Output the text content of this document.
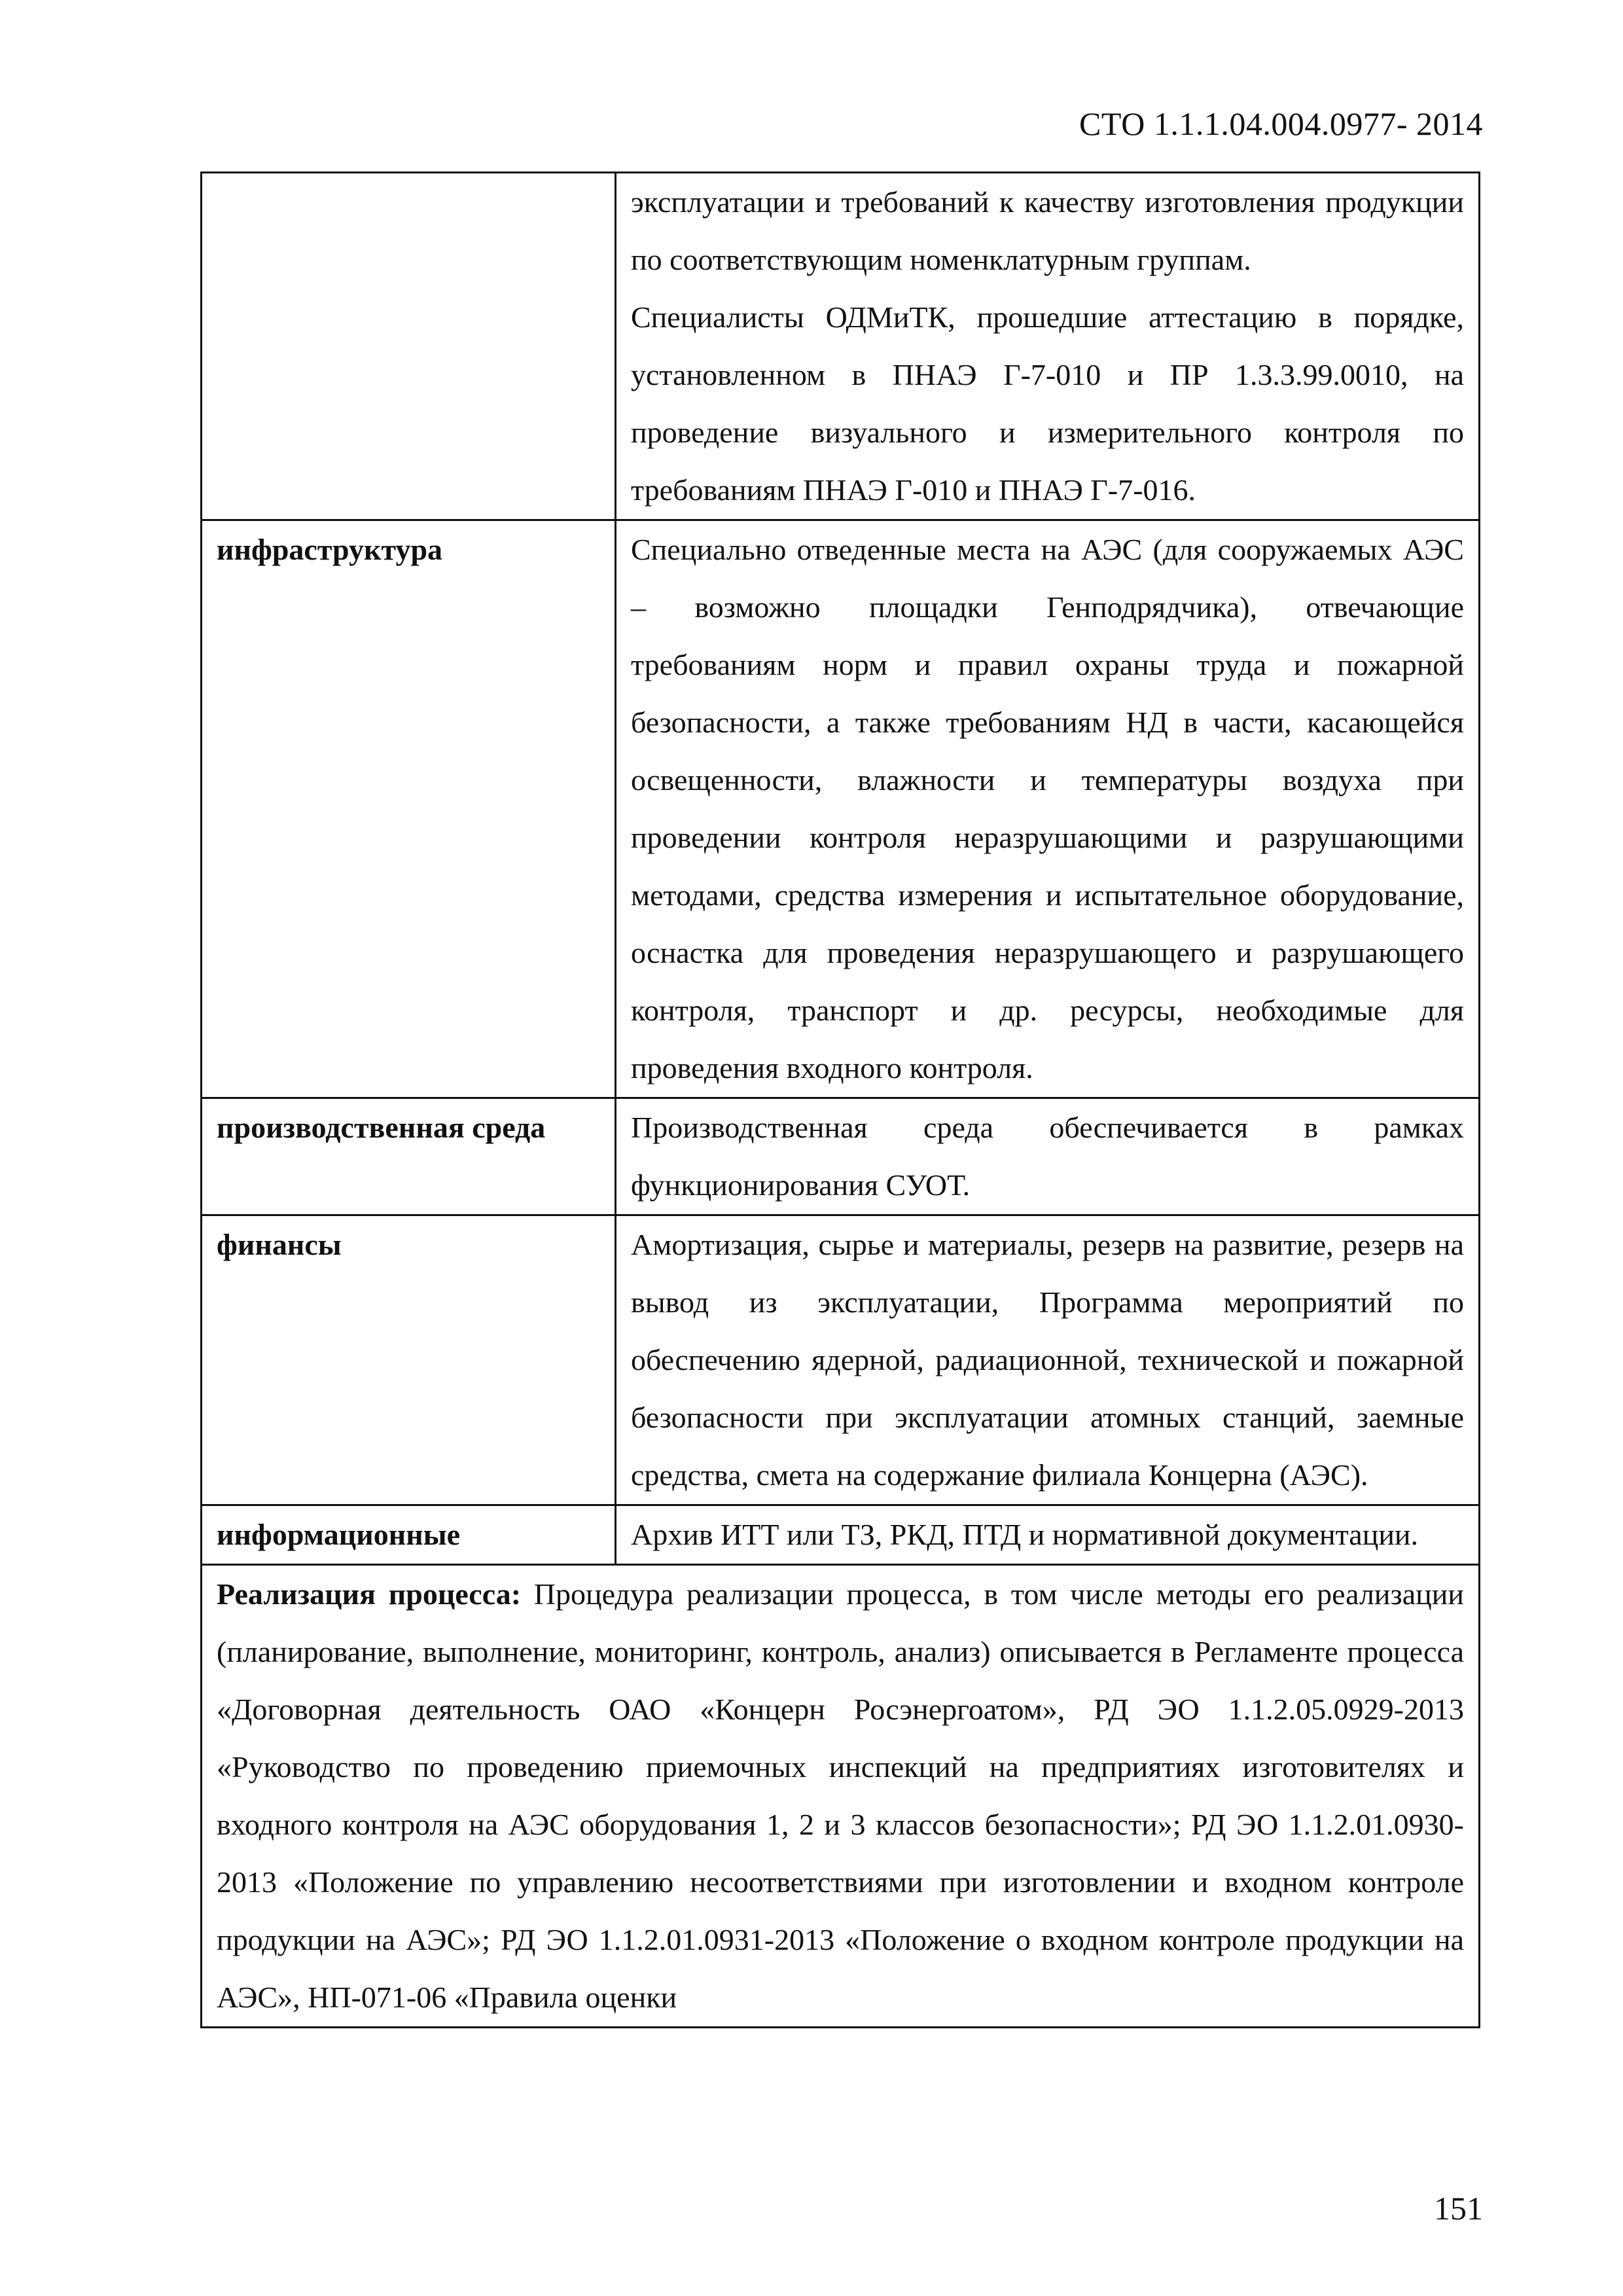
СТО 1.1.1.04.004.0977- 2014

	эксплуатации и требований к качеству изготовления продукции по соответствующим номенклатурным группам.
Специалисты ОДМиТК, прошедшие аттестацию в порядке, установленном в ПНАЭ Г-7-010 и ПР 1.3.3.99.0010, на проведение визуального и измерительного контроля по требованиям ПНАЭ Г-010 и ПНАЭ Г-7-016.

инфраструктура	Специально отведенные места на АЭС (для сооружаемых АЭС – возможно площадки Генподрядчика), отвечающие требованиям норм и правил охраны труда и пожарной безопасности, а также требованиям НД в части, касающейся освещенности, влажности и температуры воздуха при проведении контроля неразрушающими и разрушающими методами, средства измерения и испытательное оборудование, оснастка для проведения неразрушающего и разрушающего контроля, транспорт и др. ресурсы, необходимые для проведения входного контроля.

производственная среда	Производственная среда обеспечивается в рамках функционирования СУОТ.

финансы	Амортизация, сырье и материалы, резерв на развитие, резерв на вывод из эксплуатации, Программа мероприятий по обеспечению ядерной, радиационной, технической и пожарной безопасности при эксплуатации атомных станций, заемные средства, смета на содержание филиала Концерна (АЭС).

информационные	Архив ИТТ или ТЗ, РКД, ПТД и нормативной документации.

Реализация процесса: Процедура реализации процесса, в том числе методы его реализации (планирование, выполнение, мониторинг, контроль, анализ) описывается в Регламенте процесса «Договорная деятельность ОАО «Концерн Росэнергоатом», РД ЭО 1.1.2.05.0929-2013 «Руководство по проведению приемочных инспекций на предприятиях изготовителях и входного контроля на АЭС оборудования 1, 2 и 3 классов безопасности»; РД ЭО 1.1.2.01.0930-2013 «Положение по управлению несоответствиями при изготовлении и входном контроле продукции на АЭС»; РД ЭО 1.1.2.01.0931-2013 «Положение о входном контроле продукции на АЭС», НП-071-06 «Правила оценки	
151
